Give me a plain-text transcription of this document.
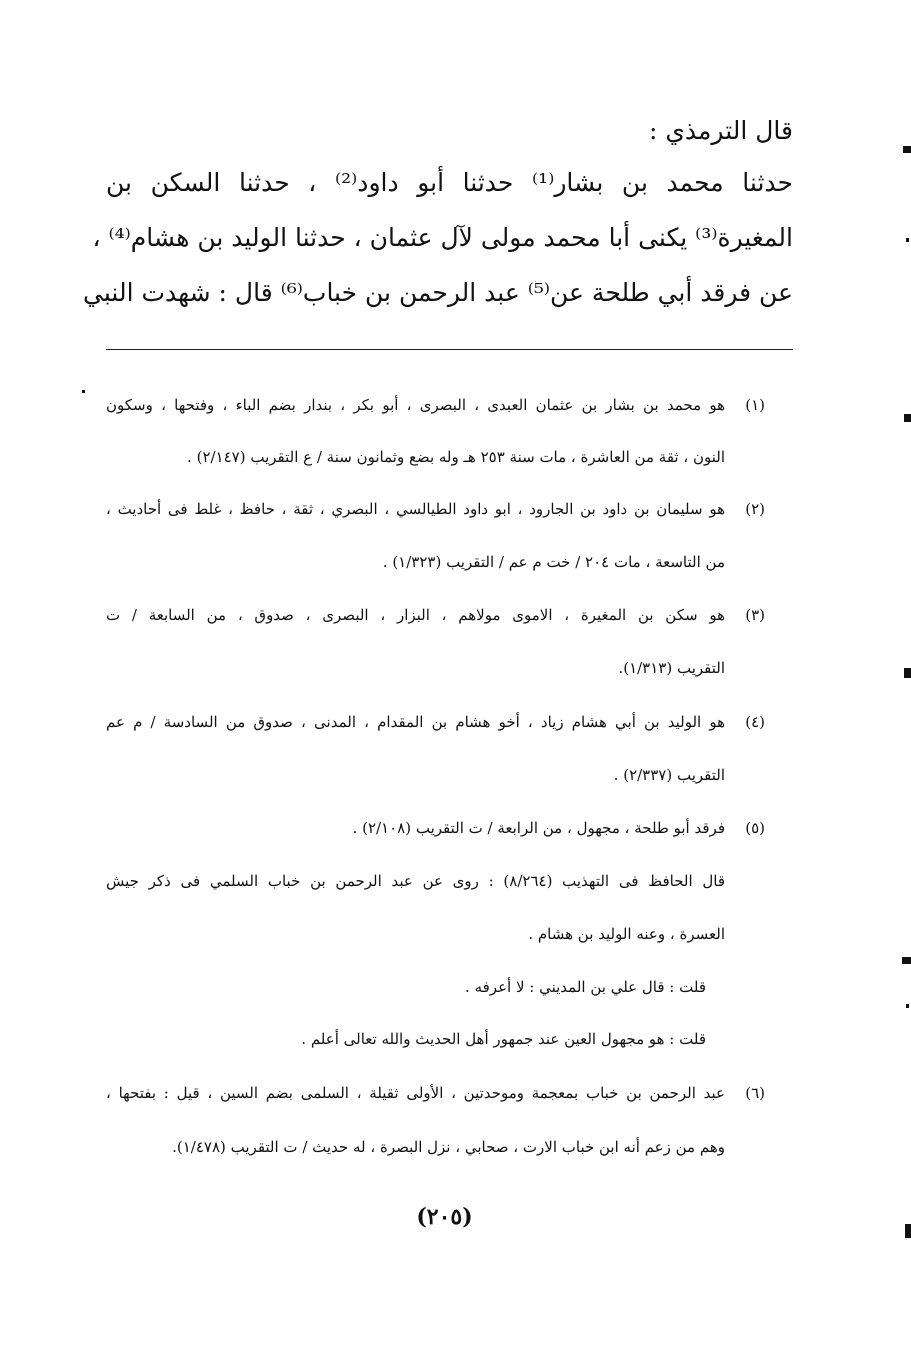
قال الترمذي :
حدثنا محمد بن بشار⁽¹⁾ حدثنا أبو داود⁽²⁾ ، حدثنا السكن بن
المغيرة⁽³⁾ يكنى أبا محمد مولى لآل عثمان ، حدثنا الوليد بن هشام⁽⁴⁾ ،
عن فرقد أبي طلحة عن⁽⁵⁾ عبد الرحمن بن خباب⁽⁶⁾ قال : شهدت النبي
(١)
هو محمد بن بشار بن عثمان العبدى ، البصرى ، أبو بكر ، بندار بضم الباء ، وفتحها ، وسكون
النون ، ثقة من العاشرة ، مات سنة ٢٥٣ هـ وله بضع وثمانون سنة / ع التقريب (٢/١٤٧) .
(٢)
هو سليمان بن داود بن الجارود ، ابو داود الطيالسي ، البصري ، ثقة ، حافظ ، غلط فى أحاديث ،
من التاسعة ، مات ٢٠٤ / خت م عم / التقريب (١/٣٢٣) .
(٣)
هو سكن بن المغيرة ، الاموى مولاهم ، البزار ، البصرى ، صدوق ، من السابعة / ت
التقريب (١/٣١٣).
(٤)
هو الوليد بن أبي هشام زياد ، أخو هشام بن المقدام ، المدنى ، صدوق من السادسة / م عم
التقريب (٢/٣٣٧) .
(٥)
فرقد أبو طلحة ، مجهول ، من الرابعة / ت التقريب (٢/١٠٨) .
قال الحافظ فى التهذيب (٨/٢٦٤) : روى عن عبد الرحمن بن خباب السلمي فى ذكر جيش
العسرة ، وعنه الوليد بن هشام .
قلت : قال علي بن المديني : لا أعرفه .
قلت : هو مجهول العين عند جمهور أهل الحديث والله تعالى أعلم .
(٦)
عبد الرحمن بن خباب بمعجمة وموحدتين ، الأولى ثقيلة ، السلمى بضم السين ، قيل : بفتحها ،
وهم من زعم أنه ابن خباب الارت ، صحابي ، نزل البصرة ، له حديث / ت التقريب (١/٤٧٨).
(٢٠٥)
